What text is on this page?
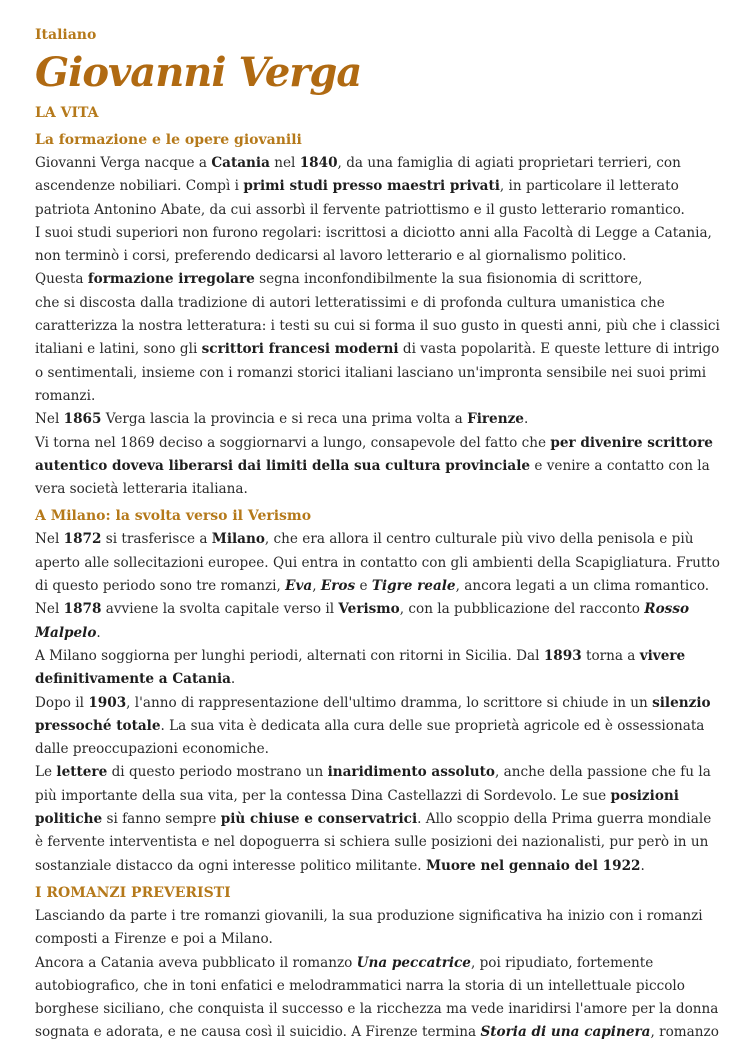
Italiano
Giovanni Verga
LA VITA
La formazione e le opere giovanili

Giovanni Verga nacque a Catania nel 1840, da una famiglia di agiati proprietari terrieri, con ascendenze nobiliari. Compì i primi studi presso maestri privati, in particolare il letterato patriota Antonino Abate, da cui assorbì il fervente patriottismo e il gusto letterario romantico.

I suoi studi superiori non furono regolari: iscrittosi a diciotto anni alla Facoltà di Legge a Catania, non terminò i corsi, preferendo dedicarsi al lavoro letterario e al giornalismo politico.

Questa formazione irregolare segna inconfondibilmente la sua fisionomia di scrittore,

che si discosta dalla tradizione di autori letteratissimi e di profonda cultura umanistica che caratterizza la nostra letteratura: i testi su cui si forma il suo gusto in questi anni, più che i classici italiani e latini, sono gli scrittori francesi moderni di vasta popolarità. E queste letture di intrigo o sentimentali, insieme con i romanzi storici italiani lasciano un'impronta sensibile nei suoi primi romanzi.

Nel 1865 Verga lascia la provincia e si reca una prima volta a Firenze.

Vi torna nel 1869 deciso a soggiornarvi a lungo, consapevole del fatto che per divenire scrittore autentico doveva liberarsi dai limiti della sua cultura provinciale e venire a contatto con la vera società letteraria italiana.

A Milano: la svolta verso il Verismo

Nel 1872 si trasferisce a Milano, che era allora il centro culturale più vivo della penisola e più aperto alle sollecitazioni europee. Qui entra in contatto con gli ambienti della Scapigliatura. Frutto di questo periodo sono tre romanzi, Eva, Eros e Tigre reale, ancora legati a un clima romantico. Nel 1878 avviene la svolta capitale verso il Verismo, con la pubblicazione del racconto Rosso Malpelo.

A Milano soggiorna per lunghi periodi, alternati con ritorni in Sicilia. Dal 1893 torna a vivere definitivamente a Catania.

Dopo il 1903, l'anno di rappresentazione dell'ultimo dramma, lo scrittore si chiude in un silenzio pressoché totale. La sua vita è dedicata alla cura delle sue proprietà agricole ed è ossessionata dalle preoccupazioni economiche.

Le lettere di questo periodo mostrano un inaridimento assoluto, anche della passione che fu la più importante della sua vita, per la contessa Dina Castellazzi di Sordevolo. Le sue posizioni politiche si fanno sempre più chiuse e conservatrici. Allo scoppio della Prima guerra mondiale è fervente interventista e nel dopoguerra si schiera sulle posizioni dei nazionalisti, pur però in un sostanziale distacco da ogni interesse politico militante. Muore nel gennaio del 1922.

I ROMANZI PREVERISTI

Lasciando da parte i tre romanzi giovanili, la sua produzione significativa ha inizio con i romanzi composti a Firenze e poi a Milano.

Ancora a Catania aveva pubblicato il romanzo Una peccatrice, poi ripudiato, fortemente autobiografico, che in toni enfatici e melodrammatici narra la storia di un intellettuale piccolo borghese siciliano, che conquista il successo e la ricchezza ma vede inaridirsi l'amore per la donna sognata e adorata, e ne causa così il suicidio. A Firenze termina Storia di una capinera, romanzo
